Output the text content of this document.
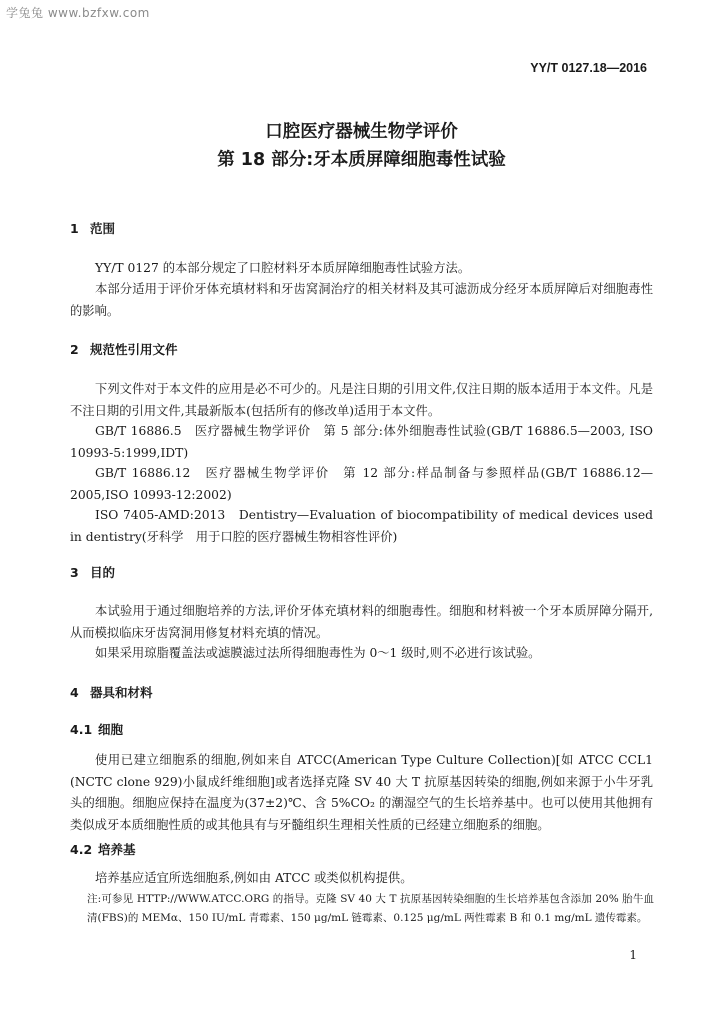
学兔兔 www.bzfxw.com
YY/T 0127.18—2016
口腔医疗器械生物学评价
第 18 部分:牙本质屏障细胞毒性试验
1 范围
YY/T 0127 的本部分规定了口腔材料牙本质屏障细胞毒性试验方法。
本部分适用于评价牙体充填材料和牙齿窝洞治疗的相关材料及其可滤沥成分经牙本质屏障后对细胞毒性的影响。
2 规范性引用文件
下列文件对于本文件的应用是必不可少的。凡是注日期的引用文件,仅注日期的版本适用于本文件。凡是不注日期的引用文件,其最新版本(包括所有的修改单)适用于本文件。
GB/T 16886.5　医疗器械生物学评价　第 5 部分:体外细胞毒性试验(GB/T 16886.5—2003, ISO 10993-5:1999,IDT)
GB/T 16886.12　医疗器械生物学评价　第 12 部分:样品制备与参照样品(GB/T 16886.12—2005,ISO 10993-12:2002)
ISO 7405-AMD:2013　Dentistry—Evaluation of biocompatibility of medical devices used in dentistry(牙科学　用于口腔的医疗器械生物相容性评价)
3 目的
本试验用于通过细胞培养的方法,评价牙体充填材料的细胞毒性。细胞和材料被一个牙本质屏障分隔开,从而模拟临床牙齿窝洞用修复材料充填的情况。
如果采用琼脂覆盖法或滤膜滤过法所得细胞毒性为 0～1 级时,则不必进行该试验。
4 器具和材料
4.1 细胞
使用已建立细胞系的细胞,例如来自 ATCC(American Type Culture Collection)[如 ATCC CCL1 (NCTC clone 929)小鼠成纤维细胞]或者选择克隆 SV 40 大 T 抗原基因转染的细胞,例如来源于小牛牙乳头的细胞。细胞应保持在温度为(37±2)℃、含 5%CO₂ 的潮湿空气的生长培养基中。也可以使用其他拥有类似成牙本质细胞性质的或其他具有与牙髓组织生理相关性质的已经建立细胞系的细胞。
4.2 培养基
培养基应适宜所选细胞系,例如由 ATCC 或类似机构提供。
注:可参见 HTTP://WWW.ATCC.ORG 的指导。克隆 SV 40 大 T 抗原基因转染细胞的生长培养基包含添加 20% 胎牛血清(FBS)的 MEMα、150 IU/mL 青霉素、150 μg/mL 链霉素、0.125 μg/mL 两性霉素 B 和 0.1 mg/mL 遗传霉素。
1
